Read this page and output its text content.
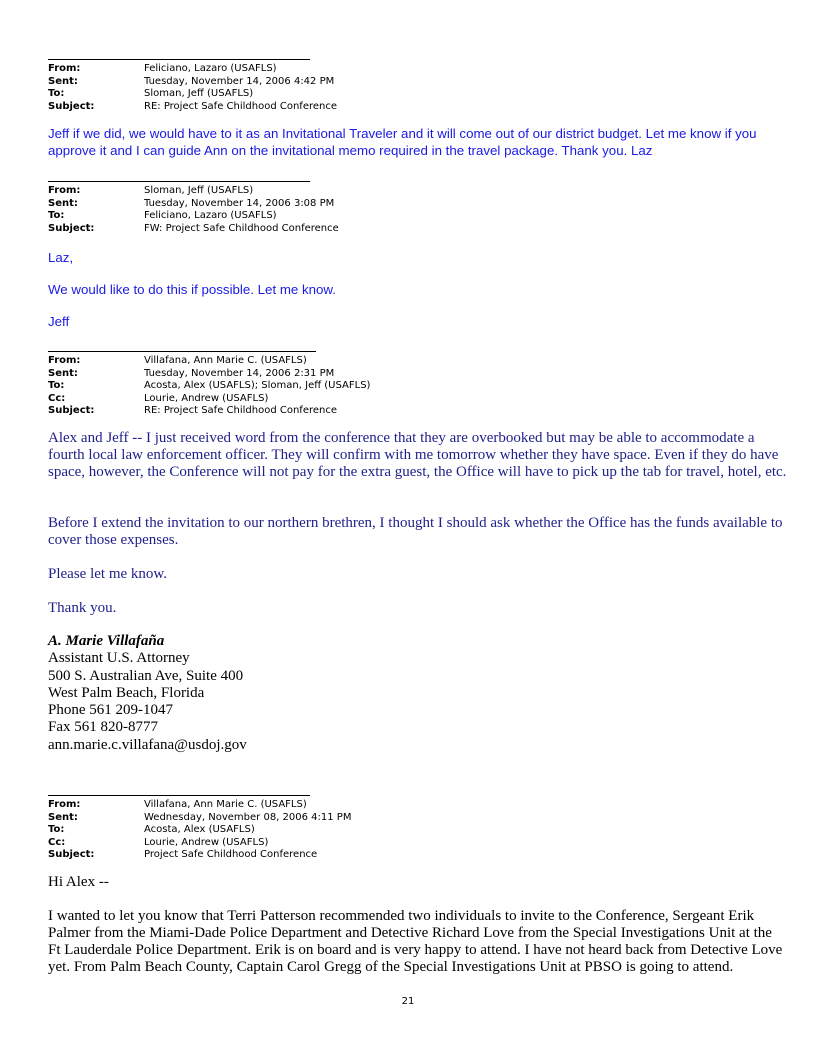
From:	Feliciano, Lazaro (USAFLS)
Sent:	Tuesday, November 14, 2006 4:42 PM
To:	Sloman, Jeff (USAFLS)
Subject:	RE: Project Safe Childhood Conference

Jeff if we did, we would have to it as an Invitational Traveler and it will come out of our district budget. Let me know if you approve it and I can guide Ann on the invitational memo required in the travel package. Thank you. Laz

From:	Sloman, Jeff (USAFLS)
Sent:	Tuesday, November 14, 2006 3:08 PM
To:	Feliciano, Lazaro (USAFLS)
Subject:	FW: Project Safe Childhood Conference

Laz,

We would like to do this if possible. Let me know.

Jeff

From:	Villafana, Ann Marie C. (USAFLS)
Sent:	Tuesday, November 14, 2006 2:31 PM
To:	Acosta, Alex (USAFLS); Sloman, Jeff (USAFLS)
Cc:	Lourie, Andrew (USAFLS)
Subject:	RE: Project Safe Childhood Conference

Alex and Jeff -- I just received word from the conference that they are overbooked but may be able to accommodate a fourth local law enforcement officer. They will confirm with me tomorrow whether they have space. Even if they do have space, however, the Conference will not pay for the extra guest, the Office will have to pick up the tab for travel, hotel, etc.

Before I extend the invitation to our northern brethren, I thought I should ask whether the Office has the funds available to cover those expenses.

Please let me know.

Thank you.

A. Marie Villafaña
Assistant U.S. Attorney
500 S. Australian Ave, Suite 400
West Palm Beach, Florida
Phone 561 209-1047
Fax 561 820-8777
ann.marie.c.villafana@usdoj.gov
From:	Villafana, Ann Marie C. (USAFLS)
Sent:	Wednesday, November 08, 2006 4:11 PM
To:	Acosta, Alex (USAFLS)
Cc:	Lourie, Andrew (USAFLS)
Subject:	Project Safe Childhood Conference

Hi Alex --

I wanted to let you know that Terri Patterson recommended two individuals to invite to the Conference, Sergeant Erik Palmer from the Miami-Dade Police Department and Detective Richard Love from the Special Investigations Unit at the Ft Lauderdale Police Department. Erik is on board and is very happy to attend. I have not heard back from Detective Love yet. From Palm Beach County, Captain Carol Gregg of the Special Investigations Unit at PBSO is going to attend.

21
